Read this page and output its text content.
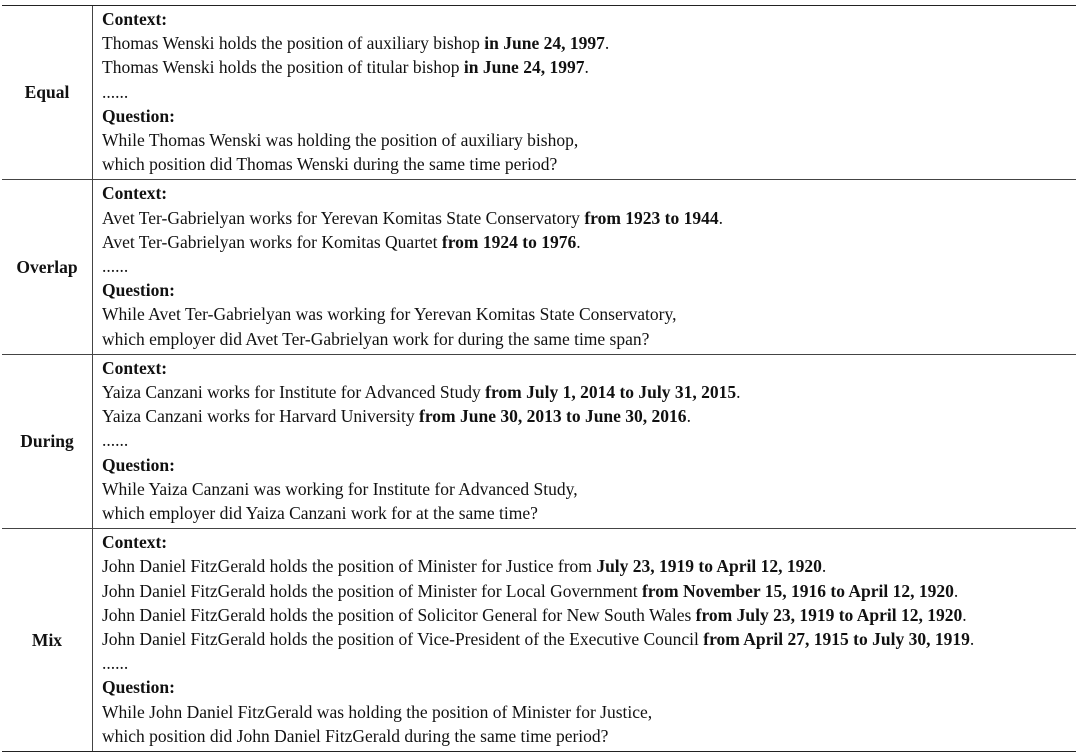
Equal
Context:
Thomas Wenski holds the position of auxiliary bishop in June 24, 1997.
Thomas Wenski holds the position of titular bishop in June 24, 1997.
......
Question:
While Thomas Wenski was holding the position of auxiliary bishop,
which position did Thomas Wenski during the same time period?
Overlap
Context:
Avet Ter-Gabrielyan works for Yerevan Komitas State Conservatory from 1923 to 1944.
Avet Ter-Gabrielyan works for Komitas Quartet from 1924 to 1976.
......
Question:
While Avet Ter-Gabrielyan was working for Yerevan Komitas State Conservatory,
which employer did Avet Ter-Gabrielyan work for during the same time span?
During
Context:
Yaiza Canzani works for Institute for Advanced Study from July 1, 2014 to July 31, 2015.
Yaiza Canzani works for Harvard University from June 30, 2013 to June 30, 2016.
......
Question:
While Yaiza Canzani was working for Institute for Advanced Study,
which employer did Yaiza Canzani work for at the same time?
Mix
Context:
John Daniel FitzGerald holds the position of Minister for Justice from July 23, 1919 to April 12, 1920.
John Daniel FitzGerald holds the position of Minister for Local Government from November 15, 1916 to April 12, 1920.
John Daniel FitzGerald holds the position of Solicitor General for New South Wales from July 23, 1919 to April 12, 1920.
John Daniel FitzGerald holds the position of Vice-President of the Executive Council from April 27, 1915 to July 30, 1919.
......
Question:
While John Daniel FitzGerald was holding the position of Minister for Justice,
which position did John Daniel FitzGerald during the same time period?
